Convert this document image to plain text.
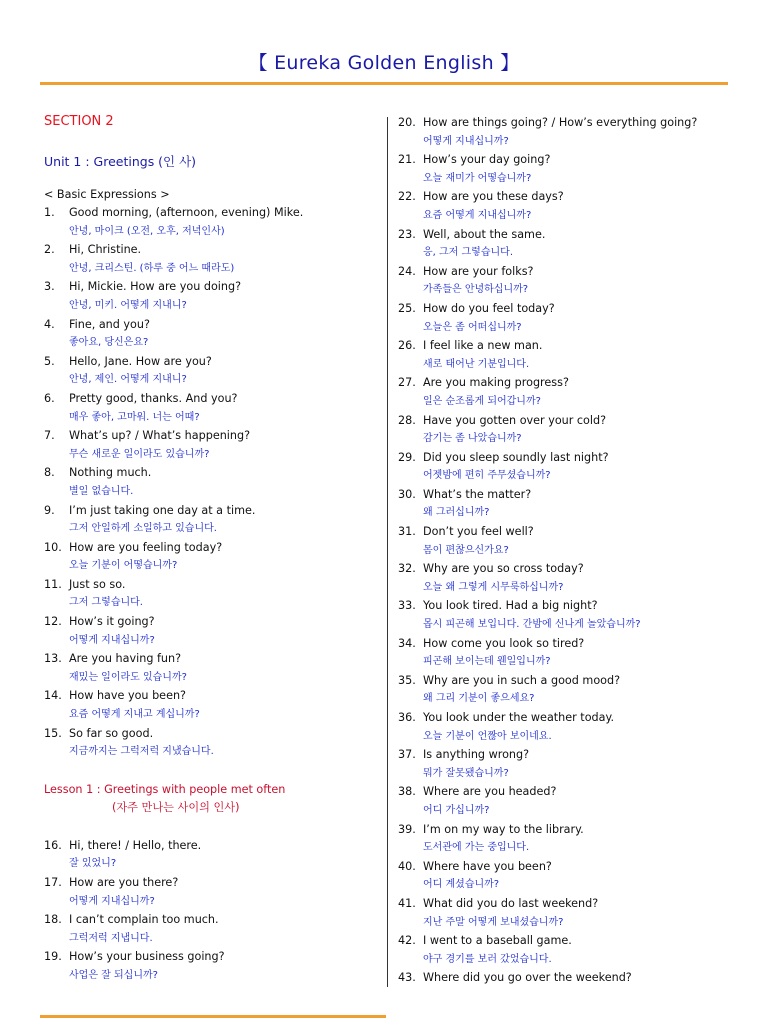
【 Eureka Golden English 】
SECTION 2
Unit 1 : Greetings (인 사)
< Basic Expressions >
1. Good morning, (afternoon, evening) Mike.
안녕, 마이크 (오전, 오후, 저녁인사)
2. Hi, Christine.
안녕, 크리스틴. (하루 중 어느 때라도)
3. Hi, Mickie. How are you doing?
안녕, 미키. 어떻게 지내니?
4. Fine, and you?
좋아요, 당신은요?
5. Hello, Jane. How are you?
안녕, 제인. 어떻게 지내니?
6. Pretty good, thanks. And you?
매우 좋아, 고마워. 너는 어때?
7. What’s up? / What’s happening?
무슨 새로운 일이라도 있습니까?
8. Nothing much.
별일 없습니다.
9. I’m just taking one day at a time.
그저 안일하게 소일하고 있습니다.
10. How are you feeling today?
오늘 기분이 어떻습니까?
11. Just so so.
그저 그렇습니다.
12. How’s it going?
어떻게 지내십니까?
13. Are you having fun?
재밌는 일이라도 있습니까?
14. How have you been?
요즘 어떻게 지내고 계십니까?
15. So far so good.
지금까지는 그럭저럭 지냈습니다.
Lesson 1 : Greetings with people met often
(자주 만나는 사이의 인사)
16. Hi, there! / Hello, there.
잘 있었니?
17. How are you there?
어떻게 지내십니까?
18. I can’t complain too much.
그럭저럭 지냅니다.
19. How’s your business going?
사업은 잘 되십니까?
20. How are things going? / How’s everything going?
어떻게 지내십니까?
21. How’s your day going?
오늘 재미가 어떻습니까?
22. How are you these days?
요즘 어떻게 지내십니까?
23. Well, about the same.
응, 그저 그렇습니다.
24. How are your folks?
가족들은 안녕하십니까?
25. How do you feel today?
오늘은 좀 어떠십니까?
26. I feel like a new man.
새로 태어난 기분입니다.
27. Are you making progress?
일은 순조롭게 되어갑니까?
28. Have you gotten over your cold?
감기는 좀 나았습니까?
29. Did you sleep soundly last night?
어젯밤에 편히 주무셨습니까?
30. What’s the matter?
왜 그러십니까?
31. Don’t you feel well?
몸이 편찮으신가요?
32. Why are you so cross today?
오늘 왜 그렇게 시무룩하십니까?
33. You look tired. Had a big night?
몹시 피곤해 보입니다. 간밤에 신나게 놀았습니까?
34. How come you look so tired?
피곤해 보이는데 웬일입니까?
35. Why are you in such a good mood?
왜 그리 기분이 좋으세요?
36. You look under the weather today.
오늘 기분이 언짢아 보이네요.
37. Is anything wrong?
뭐가 잘못됐습니까?
38. Where are you headed?
어디 가십니까?
39. I’m on my way to the library.
도서관에 가는 중입니다.
40. Where have you been?
어디 계셨습니까?
41. What did you do last weekend?
지난 주말 어떻게 보내셨습니까?
42. I went to a baseball game.
야구 경기를 보러 갔었습니다.
43. Where did you go over the weekend?
